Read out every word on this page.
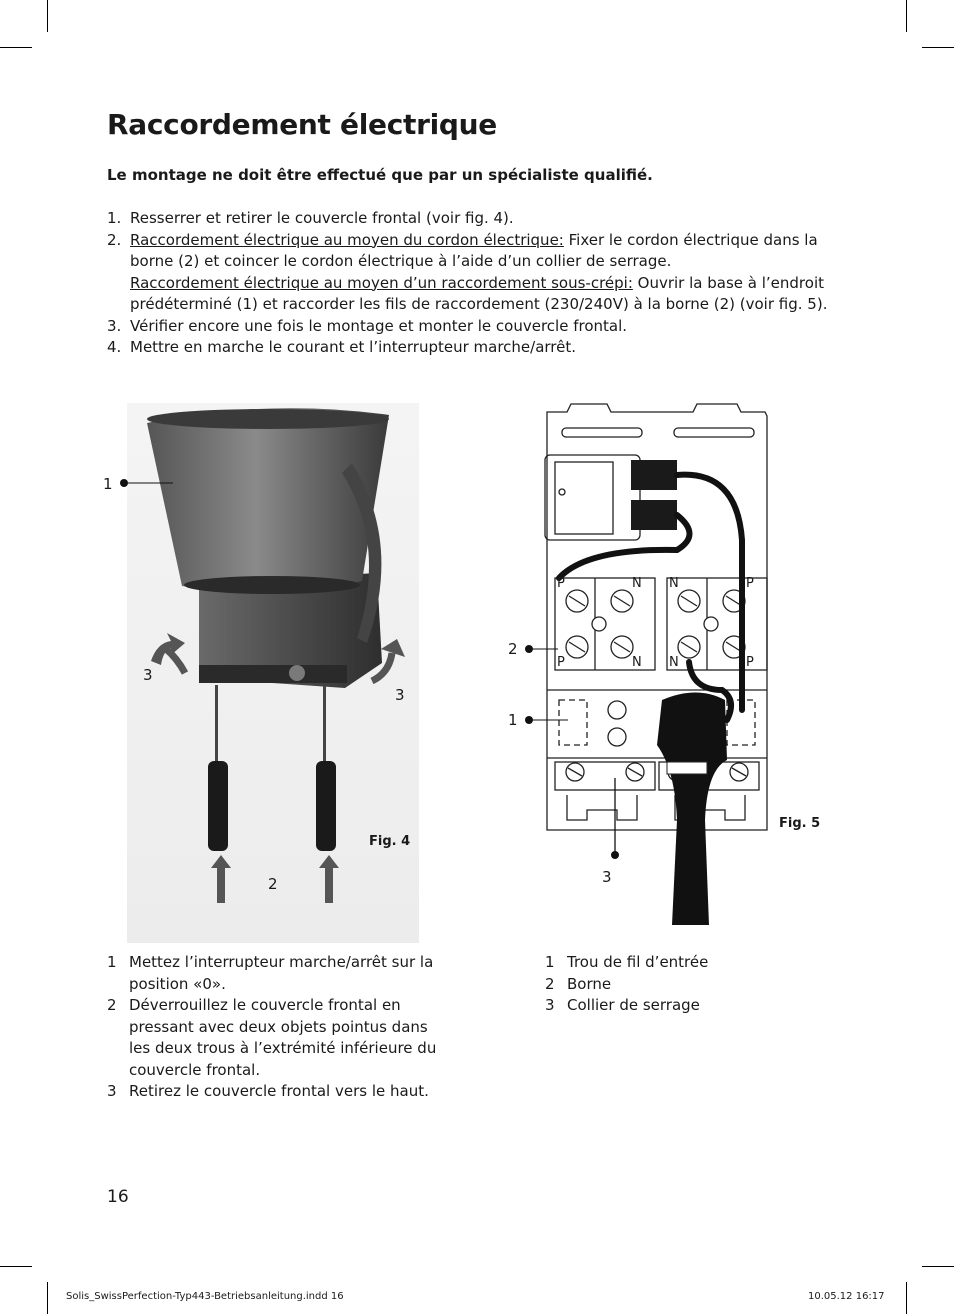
Raccordement électrique
Le montage ne doit être effectué que par un spécialiste qualifié.
1. Resserrer et retirer le couvercle frontal (voir fig. 4).
2. Raccordement électrique au moyen du cordon électrique: Fixer le cordon électrique dans la borne (2) et coincer le cordon électrique à l’aide d’un collier de serrage.
Raccordement électrique au moyen d’un raccordement sous-crépi: Ouvrir la base à l’endroit prédéterminé (1) et raccorder les fils de raccordement (230/240V) à la borne (2) (voir fig. 5).
3. Vérifier encore une fois le montage et monter le couvercle frontal.
4. Mettre en marche le courant et l’interrupteur marche/arrêt.
1
3
3
2
Fig. 4
P	N N	P
P	N N	P
2
1
3
Fig. 5
1 Mettez l’interrupteur marche/arrêt sur la position «0».
2 Déverrouillez le couvercle frontal en pressant avec deux objets pointus dans les deux trous à l’extrémité inférieure du couvercle frontal.
3 Retirez le couvercle frontal vers le haut.
1 Trou de fil d’entrée
2 Borne
3 Collier de serrage
16
Solis_SwissPerfection-Typ443-Betriebsanleitung.indd 16	10.05.12 16:17
